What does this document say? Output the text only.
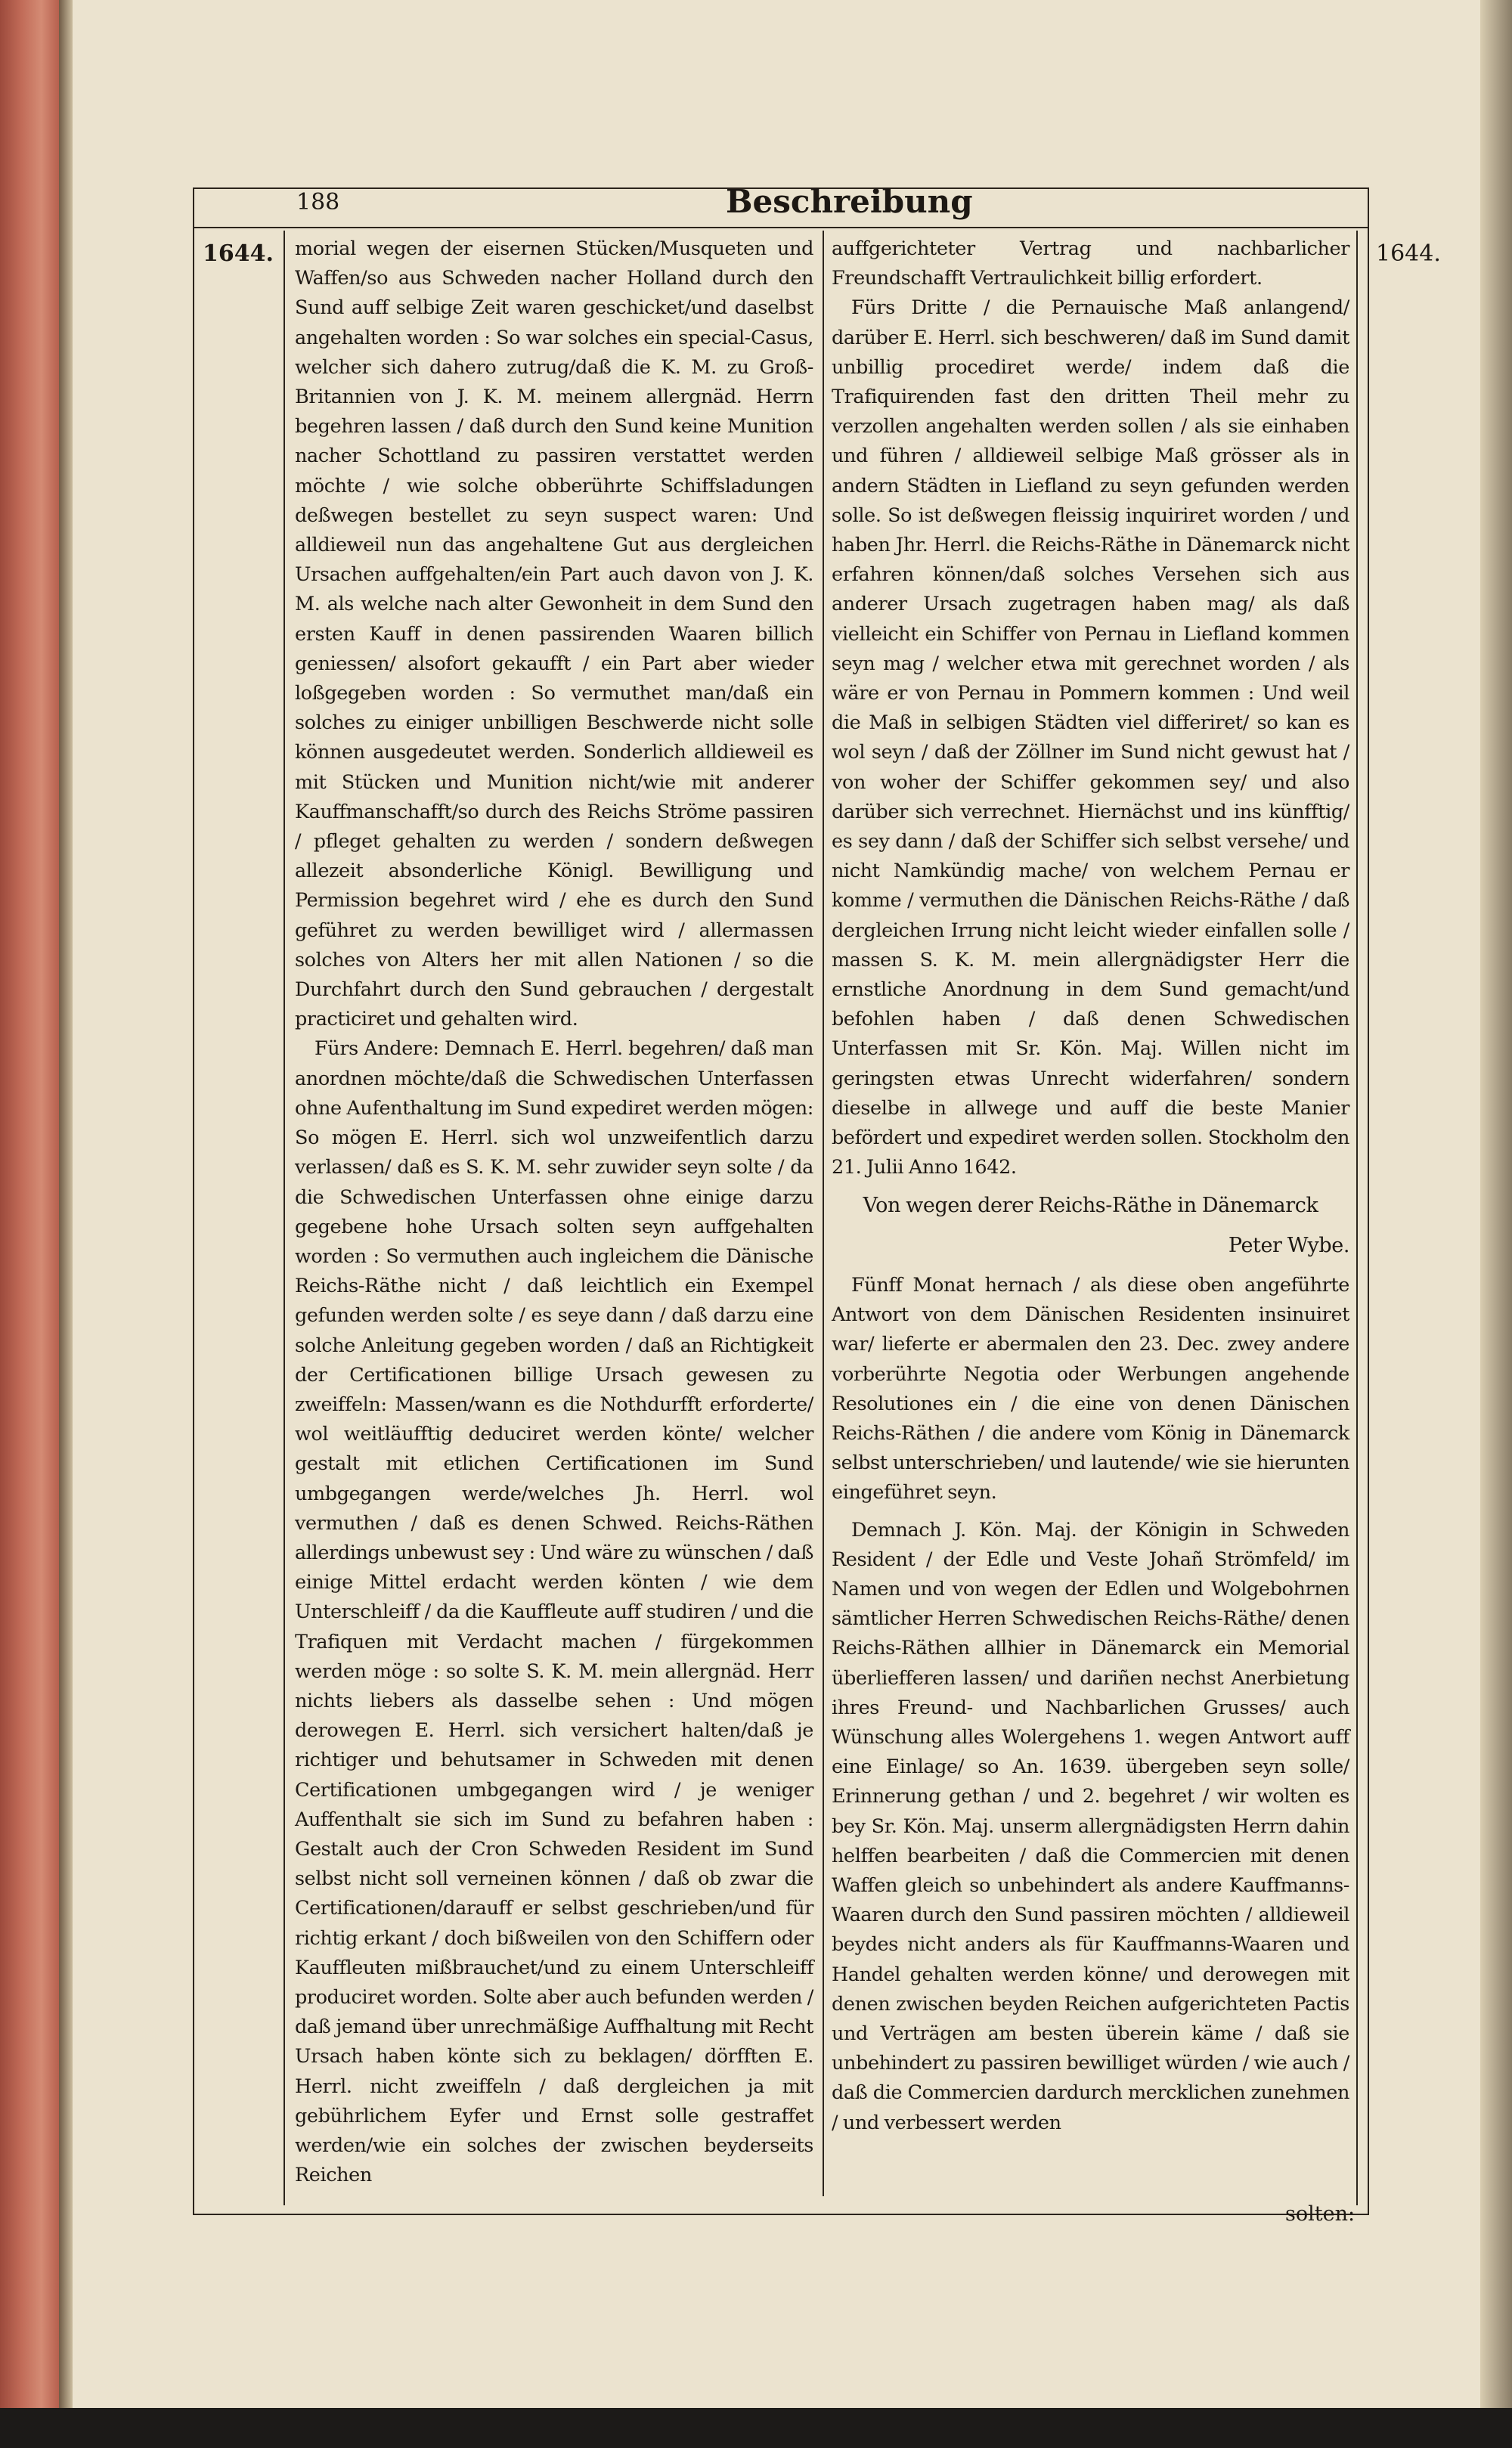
188	Beschreibung
1644.	1644.

morial wegen der eisernen Stücken/Musqueten und Waffen/so aus Schweden nacher Holland durch den Sund auff selbige Zeit waren geschicket/und daselbst angehalten worden : So war solches ein special-Casus, welcher sich dahero zutrug/daß die K. M. zu Groß-Britannien von J. K. M. meinem allergnäd. Herrn begehren lassen / daß durch den Sund keine Munition nacher Schottland zu passiren verstattet werden möchte / wie solche obberührte Schiffsladungen deßwegen bestellet zu seyn suspect waren: Und alldieweil nun das angehaltene Gut aus dergleichen Ursachen auffgehalten/ein Part auch davon von J. K. M. als welche nach alter Gewonheit in dem Sund den ersten Kauff in denen passirenden Waaren billich geniessen/ alsofort gekaufft / ein Part aber wieder loßgegeben worden : So vermuthet man/daß ein solches zu einiger unbilligen Beschwerde nicht solle können ausgedeutet werden. Sonderlich alldieweil es mit Stücken und Munition nicht/wie mit anderer Kauffmanschafft/so durch des Reichs Ströme passiren / pfleget gehalten zu werden / sondern deßwegen allezeit absonderliche Königl. Bewilligung und Permission begehret wird / ehe es durch den Sund geführet zu werden bewilliget wird / allermassen solches von Alters her mit allen Nationen / so die Durchfahrt durch den Sund gebrauchen / dergestalt practiciret und gehalten wird.

Fürs Andere: Demnach E. Herrl. begehren/ daß man anordnen möchte/daß die Schwedischen Unterfassen ohne Aufenthaltung im Sund expediret werden mögen: So mögen E. Herrl. sich wol unzweifentlich darzu verlassen/ daß es S. K. M. sehr zuwider seyn solte / da die Schwedischen Unterfassen ohne einige darzu gegebene hohe Ursach solten seyn auffgehalten worden : So vermuthen auch ingleichem die Dänische Reichs-Räthe nicht / daß leichtlich ein Exempel gefunden werden solte / es seye dann / daß darzu eine solche Anleitung gegeben worden / daß an Richtigkeit der Certificationen billige Ursach gewesen zu zweiffeln: Massen/wann es die Nothdurfft erforderte/ wol weitläufftig deduciret werden könte/ welcher gestalt mit etlichen Certificationen im Sund umbgegangen werde/welches Jh. Herrl. wol vermuthen / daß es denen Schwed. Reichs-Räthen allerdings unbewust sey : Und wäre zu wünschen / daß einige Mittel erdacht werden könten / wie dem Unterschleiff / da die Kauffleute auff studiren / und die Trafiquen mit Verdacht machen / fürgekommen werden möge : so solte S. K. M. mein allergnäd. Herr nichts liebers als dasselbe sehen : Und mögen derowegen E. Herrl. sich versichert halten/daß je richtiger und behutsamer in Schweden mit denen Certificationen umbgegangen wird / je weniger Auffenthalt sie sich im Sund zu befahren haben : Gestalt auch der Cron Schweden Resident im Sund selbst nicht soll verneinen können / daß ob zwar die Certificationen/darauff er selbst geschrieben/und für richtig erkant / doch bißweilen von den Schiffern oder Kauffleuten mißbrauchet/und zu einem Unterschleiff produciret worden. Solte aber auch befunden werden / daß jemand über unrechmäßige Auffhaltung mit Recht Ursach haben könte sich zu beklagen/ dörfften E. Herrl. nicht zweiffeln / daß dergleichen ja mit gebührlichem Eyfer und Ernst solle gestraffet werden/wie ein solches der zwischen beyderseits Reichen

auffgerichteter Vertrag und nachbarlicher Freundschafft Vertraulichkeit billig erfordert.

Fürs Dritte / die Pernauische Maß anlangend/ darüber E. Herrl. sich beschweren/ daß im Sund damit unbillig procediret werde/ indem daß die Trafiquirenden fast den dritten Theil mehr zu verzollen angehalten werden sollen / als sie einhaben und führen / alldieweil selbige Maß grösser als in andern Städten in Liefland zu seyn gefunden werden solle. So ist deßwegen fleissig inquiriret worden / und haben Jhr. Herrl. die Reichs-Räthe in Dänemarck nicht erfahren können/daß solches Versehen sich aus anderer Ursach zugetragen haben mag/ als daß vielleicht ein Schiffer von Pernau in Liefland kommen seyn mag / welcher etwa mit gerechnet worden / als wäre er von Pernau in Pommern kommen : Und weil die Maß in selbigen Städten viel differiret/ so kan es wol seyn / daß der Zöllner im Sund nicht gewust hat / von woher der Schiffer gekommen sey/ und also darüber sich verrechnet. Hiernächst und ins künfftig/ es sey dann / daß der Schiffer sich selbst versehe/ und nicht Namkündig mache/ von welchem Pernau er komme / vermuthen die Dänischen Reichs-Räthe / daß dergleichen Irrung nicht leicht wieder einfallen solle / massen S. K. M. mein allergnädigster Herr die ernstliche Anordnung in dem Sund gemacht/und befohlen haben / daß denen Schwedischen Unterfassen mit Sr. Kön. Maj. Willen nicht im geringsten etwas Unrecht widerfahren/ sondern dieselbe in allwege und auff die beste Manier befördert und expediret werden sollen. Stockholm den 21. Julii Anno 1642.

Von wegen derer Reichs-Räthe in Dänemarck

Peter Wybe.

Fünff Monat hernach / als diese oben angeführte Antwort von dem Dänischen Residenten insinuiret war/ lieferte er abermalen den 23. Dec. zwey andere vorberührte Negotia oder Werbungen angehende Resolutiones ein / die eine von denen Dänischen Reichs-Räthen / die andere vom König in Dänemarck selbst unterschrieben/ und lautende/ wie sie hierunten eingeführet seyn.

Demnach J. Kön. Maj. der Königin in Schweden Resident / der Edle und Veste Johañ Strömfeld/ im Namen und von wegen der Edlen und Wolgebohrnen sämtlicher Herren Schwedischen Reichs-Räthe/ denen Reichs-Räthen allhier in Dänemarck ein Memorial überliefferen lassen/ und dariñen nechst Anerbietung ihres Freund- und Nachbarlichen Grusses/ auch Wünschung alles Wolergehens 1. wegen Antwort auff eine Einlage/ so An. 1639. übergeben seyn solle/ Erinnerung gethan / und 2. begehret / wir wolten es bey Sr. Kön. Maj. unserm allergnädigsten Herrn dahin helffen bearbeiten / daß die Commercien mit denen Waffen gleich so unbehindert als andere Kauffmanns-Waaren durch den Sund passiren möchten / alldieweil beydes nicht anders als für Kauffmanns-Waaren und Handel gehalten werden könne/ und derowegen mit denen zwischen beyden Reichen aufgerichteten Pactis und Verträgen am besten überein käme / daß sie unbehindert zu passiren bewilliget würden / wie auch / daß die Commercien dardurch mercklichen zunehmen / und verbessert werden

solten:
